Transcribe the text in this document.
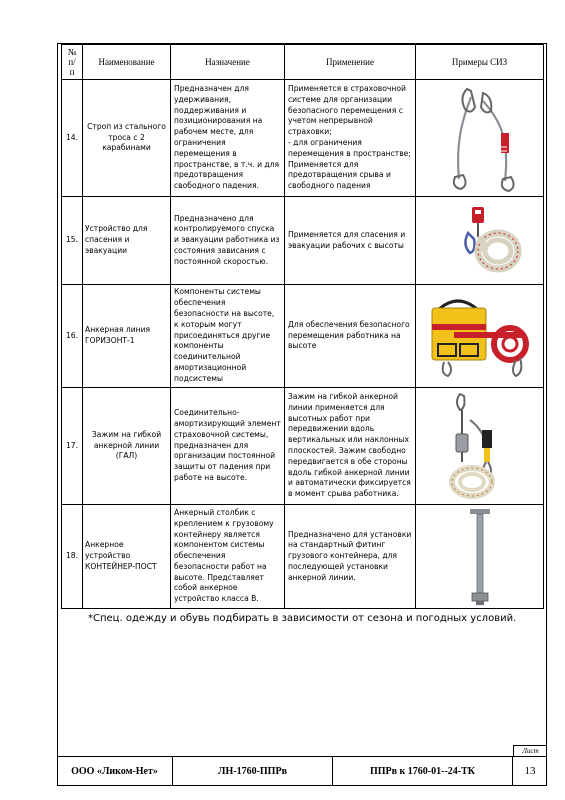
№
п/
п	Наименование	Назначение	Применение	Примеры СИЗ
14.	Строп из стального троса с 2 карабинами	Предназначен для удерживания, поддерживания и позиционирования на рабочем месте, для ограничения перемещения в пространстве, в т.ч. и для предотвращения свободного падения.	Применяется в страховочной системе для организации безопасного перемещения с учетом непрерывной страховки;
- для ограничения перемещения в пространстве;
Применяется для предотвращения срыва и свободного падения	

15.	Устройство для спасения и эвакуации	Предназначено для контролируемого спуска и эвакуации работника из состояния зависания с постоянной скоростью.	Применяется для спасения и эвакуации рабочих с высоты	

16.	Анкерная линия ГОРИЗОНТ-1	Компоненты системы обеспечения безопасности на высоте, к которым могут присоединяться другие компоненты соединительной амортизационной подсистемы	Для обеспечения безопасного перемещения работника на высоте	

17.	Зажим на гибкой анкерной линии (ГАЛ)	Соединительно-амортизирующий элемент страховочной системы, предназначен для организации постоянной защиты от падения при работе на высоте.	Зажим на гибкой анкерной линии применяется для высотных работ при передвижении вдоль вертикальных или наклонных плоскостей. Зажим свободно передвигается в обе стороны вдоль гибкой анкерной линии и автоматически фиксируется в момент срыва работника.	

18.	Анкерное устройство КОНТЕЙНЕР-ПОСТ	Анкерный столбик с креплением к грузовому контейнеру является компонентом системы обеспечения безопасности работ на высоте. Представляет собой анкерное устройство класса В.	Предназначено для установки на стандартный фитинг грузового контейнера, для последующей установки анкерной линии.	
*Спец. одежду и обувь подбирать в зависимости от сезона и погодных условий.
Лист
ООО «Ликом-Нет»	ЛН-1760-ППРв	ППРв к 1760-01--24-ТК	13
